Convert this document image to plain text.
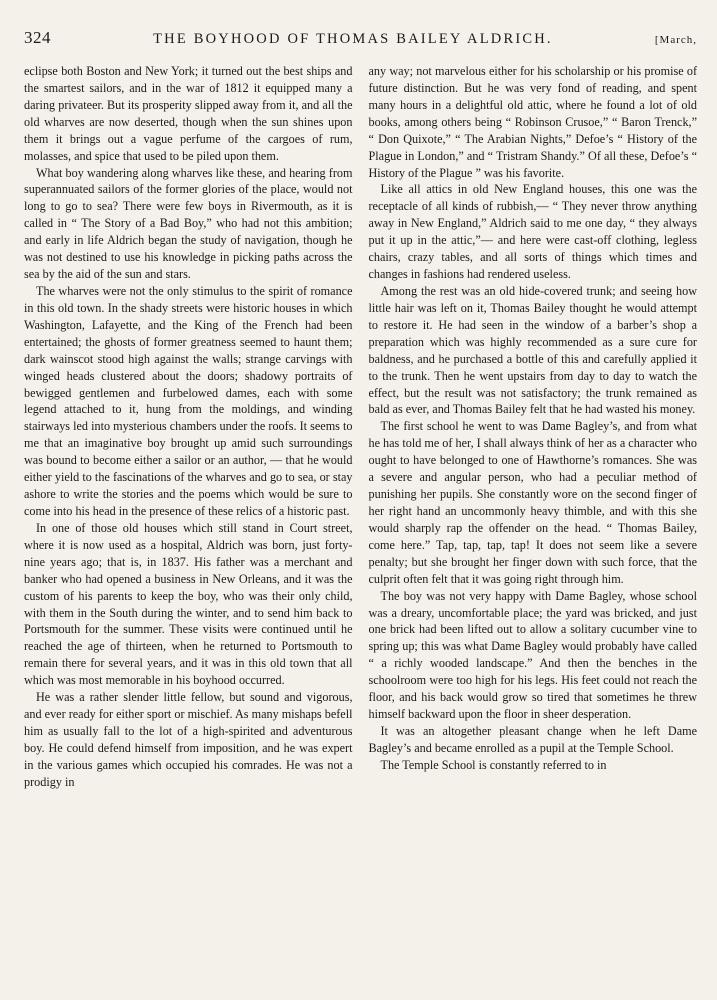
324	THE BOYHOOD OF THOMAS BAILEY ALDRICH.	[March,

eclipse both Boston and New York; it turned out the best ships and the smartest sailors, and in the war of 1812 it equipped many a daring privateer. But its prosperity slipped away from it, and all the old wharves are now deserted, though when the sun shines upon them it brings out a vague perfume of the cargoes of rum, molasses, and spice that used to be piled upon them.

What boy wandering along wharves like these, and hearing from superannuated sailors of the former glories of the place, would not long to go to sea? There were few boys in Rivermouth, as it is called in “ The Story of a Bad Boy,” who had not this ambition; and early in life Aldrich began the study of navigation, though he was not destined to use his knowledge in picking paths across the sea by the aid of the sun and stars.

The wharves were not the only stimulus to the spirit of romance in this old town. In the shady streets were historic houses in which Washington, Lafayette, and the King of the French had been entertained; the ghosts of former greatness seemed to haunt them; dark wainscot stood high against the walls; strange carvings with winged heads clustered about the doors; shadowy portraits of bewigged gentlemen and furbelowed dames, each with some legend attached to it, hung from the moldings, and winding stairways led into mysterious chambers under the roofs. It seems to me that an imaginative boy brought up amid such surroundings was bound to become either a sailor or an author, — that he would either yield to the fascinations of the wharves and go to sea, or stay ashore to write the stories and the poems which would be sure to come into his head in the presence of these relics of a historic past.

In one of those old houses which still stand in Court street, where it is now used as a hospital, Aldrich was born, just forty-nine years ago; that is, in 1837. His father was a merchant and banker who had opened a business in New Orleans, and it was the custom of his parents to keep the boy, who was their only child, with them in the South during the winter, and to send him back to Portsmouth for the summer. These visits were continued until he reached the age of thirteen, when he returned to Portsmouth to remain there for several years, and it was in this old town that all which was most memorable in his boyhood occurred.

He was a rather slender little fellow, but sound and vigorous, and ever ready for either sport or mischief. As many mishaps befell him as usually fall to the lot of a high-spirited and adventurous boy. He could defend himself from imposition, and he was expert in the various games which occupied his comrades. He was not a prodigy in

any way; not marvelous either for his scholarship or his promise of future distinction. But he was very fond of reading, and spent many hours in a delightful old attic, where he found a lot of old books, among others being “ Robinson Crusoe,” “ Baron Trenck,” “ Don Quixote,” “ The Arabian Nights,” Defoe’s “ History of the Plague in London,” and “ Tristram Shandy.” Of all these, Defoe’s “ History of the Plague ” was his favorite.

Like all attics in old New England houses, this one was the receptacle of all kinds of rubbish,— “ They never throw anything away in New England,” Aldrich said to me one day, “ they always put it up in the attic,”— and here were cast-off clothing, legless chairs, crazy tables, and all sorts of things which times and changes in fashions had rendered useless.

Among the rest was an old hide-covered trunk; and seeing how little hair was left on it, Thomas Bailey thought he would attempt to restore it. He had seen in the window of a barber’s shop a preparation which was highly recommended as a sure cure for baldness, and he purchased a bottle of this and carefully applied it to the trunk. Then he went upstairs from day to day to watch the effect, but the result was not satisfactory; the trunk remained as bald as ever, and Thomas Bailey felt that he had wasted his money.

The first school he went to was Dame Bagley’s, and from what he has told me of her, I shall always think of her as a character who ought to have belonged to one of Hawthorne’s romances. She was a severe and angular person, who had a peculiar method of punishing her pupils. She constantly wore on the second finger of her right hand an uncommonly heavy thimble, and with this she would sharply rap the offender on the head. “ Thomas Bailey, come here.” Tap, tap, tap, tap! It does not seem like a severe penalty; but she brought her finger down with such force, that the culprit often felt that it was going right through him.

The boy was not very happy with Dame Bagley, whose school was a dreary, uncomfortable place; the yard was bricked, and just one brick had been lifted out to allow a solitary cucumber vine to spring up; this was what Dame Bagley would probably have called “ a richly wooded landscape.” And then the benches in the schoolroom were too high for his legs. His feet could not reach the floor, and his back would grow so tired that sometimes he threw himself backward upon the floor in sheer desperation.

It was an altogether pleasant change when he left Dame Bagley’s and became enrolled as a pupil at the Temple School.

The Temple School is constantly referred to in
